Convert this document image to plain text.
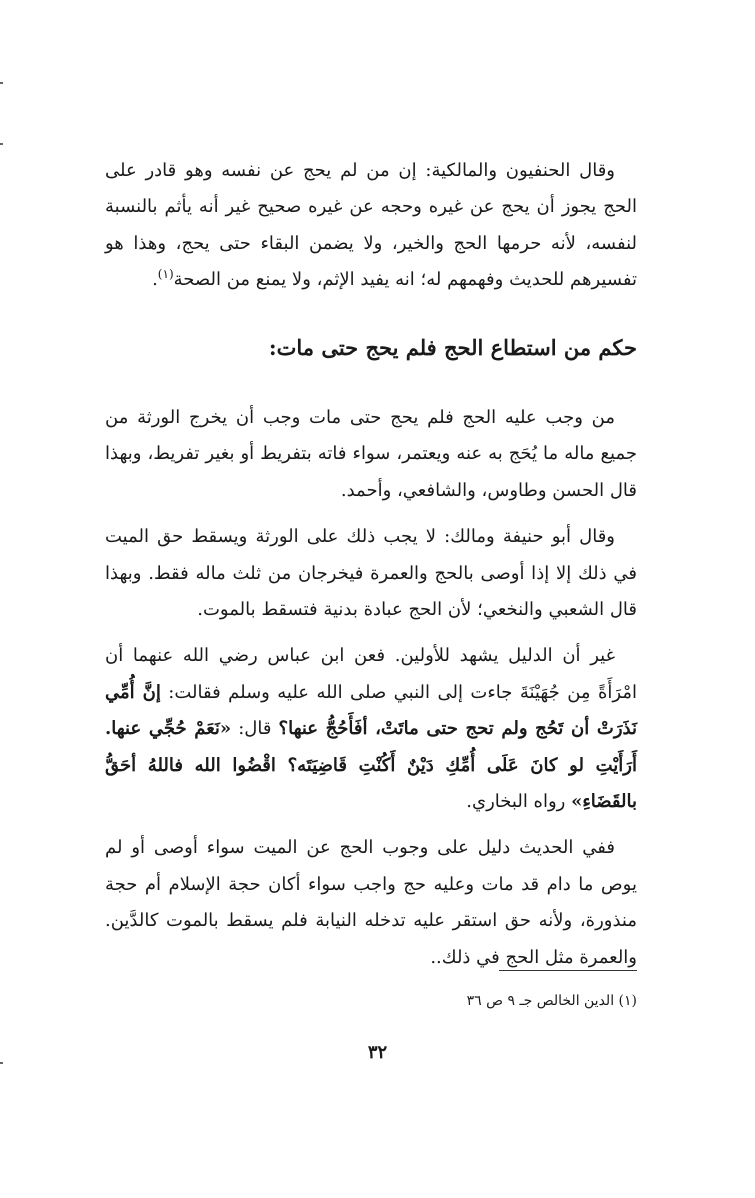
وقال الحنفيون والمالكية: إن من لم يحج عن نفسه وهو قادر على الحج يجوز أن يحج عن غيره وحجه عن غيره صحيح غير أنه يأثم بالنسبة لنفسه، لأنه حرمها الحج والخير، ولا يضمن البقاء حتى يحج، وهذا هو تفسيرهم للحديث وفهمهم له؛ انه يفيد الإثم، ولا يمنع من الصحة$^{(١)}$.

حكم من استطاع الحج فلم يحج حتى مات:

من وجب عليه الحج فلم يحج حتى مات وجب أن يخرج الورثة من جميع ماله ما يُحَج به عنه ويعتمر، سواء فاته بتفريط أو بغير تفريط، وبهذا قال الحسن وطاوس، والشافعي، وأحمد.

وقال أبو حنيفة ومالك: لا يجب ذلك على الورثة ويسقط حق الميت في ذلك إلا إذا أوصى بالحج والعمرة فيخرجان من ثلث ماله فقط. وبهذا قال الشعبي والنخعي؛ لأن الحج عبادة بدنية فتسقط بالموت.

غير أن الدليل يشهد للأولين. فعن ابن عباس رضي الله عنهما أن امْرَأَةً مِن جُهَيْنَةَ جاءت إلى النبي صلى الله عليه وسلم فقالت: إنَّ أُمِّي نَذَرَتْ أن تَحُج ولم تحج حتى ماتَتْ، أفَأَحُجُّ عنها؟ قال: «نَعَمْ حُجِّي عنها. أَرَأَيْتِ لو كانَ عَلَى أُمِّكِ دَيْنٌ أَكُنْتِ قَاضِيَتَه؟ اقْضُوا الله فاللهُ أحَقُّ بالقَضَاءِ» رواه البخاري.

ففي الحديث دليل على وجوب الحج عن الميت سواء أوصى أو لم يوص ما دام قد مات وعليه حج واجب سواء أكان حجة الإسلام أم حجة منذورة، ولأنه حق استقر عليه تدخله النيابة فلم يسقط بالموت كالدَّين. والعمرة مثل الحج في ذلك..

(١) الدين الخالص جـ ٩ ص ٣٦
٣٢
